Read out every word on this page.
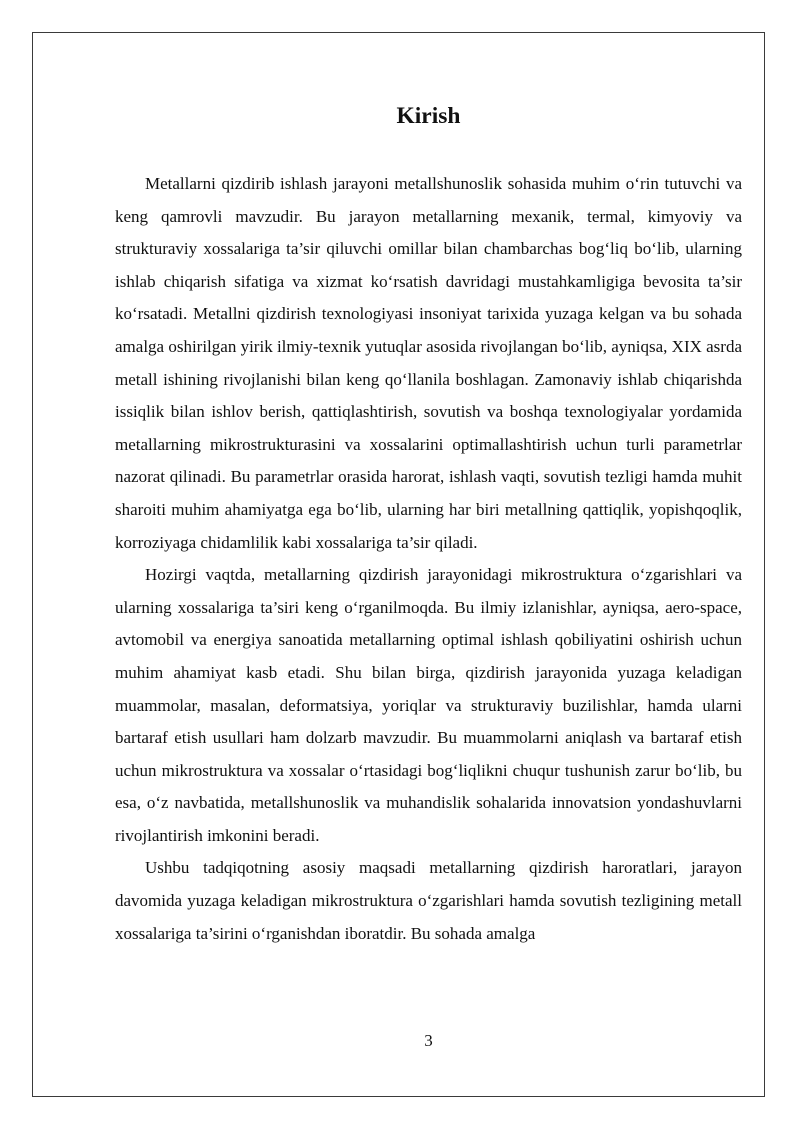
Kirish

Metallarni qizdirib ishlash jarayoni metallshunoslik sohasida muhim o‘rin tutuvchi va keng qamrovli mavzudir. Bu jarayon metallarning mexanik, termal, kimyoviy va strukturaviy xossalariga ta’sir qiluvchi omillar bilan chambarchas bog‘liq bo‘lib, ularning ishlab chiqarish sifatiga va xizmat ko‘rsatish davridagi mustahkamligiga bevosita ta’sir ko‘rsatadi. Metallni qizdirish texnologiyasi insoniyat tarixida yuzaga kelgan va bu sohada amalga oshirilgan yirik ilmiy-texnik yutuqlar asosida rivojlangan bo‘lib, ayniqsa, XIX asrda metall ishining rivojlanishi bilan keng qo‘llanila boshlagan. Zamonaviy ishlab chiqarishda issiqlik bilan ishlov berish, qattiqlashtirish, sovutish va boshqa texnologiyalar yordamida metallarning mikrostrukturasini va xossalarini optimallashtirish uchun turli parametrlar nazorat qilinadi. Bu parametrlar orasida harorat, ishlash vaqti, sovutish tezligi hamda muhit sharoiti muhim ahamiyatga ega bo‘lib, ularning har biri metallning qattiqlik, yopishqoqlik, korroziyaga chidamlilik kabi xossalariga ta’sir qiladi.

Hozirgi vaqtda, metallarning qizdirish jarayonidagi mikrostruktura o‘zgarishlari va ularning xossalariga ta’siri keng o‘rganilmoqda. Bu ilmiy izlanishlar, ayniqsa, aero-space, avtomobil va energiya sanoatida metallarning optimal ishlash qobiliyatini oshirish uchun muhim ahamiyat kasb etadi. Shu bilan birga, qizdirish jarayonida yuzaga keladigan muammolar, masalan, deformatsiya, yoriqlar va strukturaviy buzilishlar, hamda ularni bartaraf etish usullari ham dolzarb mavzudir. Bu muammolarni aniqlash va bartaraf etish uchun mikrostruktura va xossalar o‘rtasidagi bog‘liqlikni chuqur tushunish zarur bo‘lib, bu esa, o‘z navbatida, metallshunoslik va muhandislik sohalarida innovatsion yondashuvlarni rivojlantirish imkonini beradi.

Ushbu tadqiqotning asosiy maqsadi metallarning qizdirish haroratlari, jarayon davomida yuzaga keladigan mikrostruktura o‘zgarishlari hamda sovutish tezligining metall xossalariga ta’sirini o‘rganishdan iboratdir. Bu sohada amalga

3
